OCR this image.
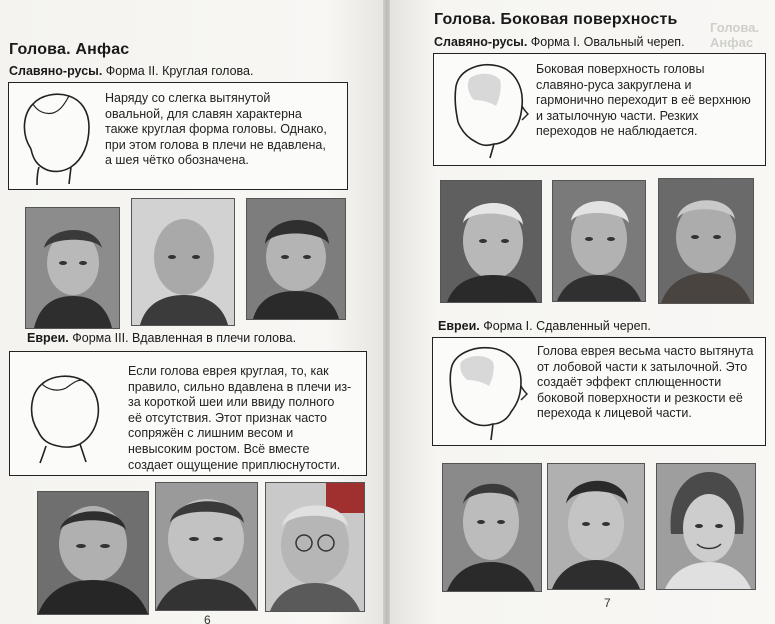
Голова. Анфас
Славяно-русы. Форма II. Круглая голова.
Наряду со слегка вытянутой
овальной, для славян характерна
также круглая форма головы. Однако,
при этом голова в плечи не вдавлена,
а шея чётко обозначена.
Евреи. Форма III. Вдавленная в плечи голова.
Если голова еврея круглая, то, как
правило, сильно вдавлена в плечи из-
за короткой шеи или ввиду полного
её отсутствия. Этот признак часто
сопряжён с лишним весом и
невысоким ростом. Всё вместе
создает ощущение приплюснутости.
6
Голова. Анфас
Голова. Боковая поверхность
Славяно-русы. Форма I. Овальный череп.
Боковая поверхность головы
славяно-руса закруглена и
гармонично переходит в её верхнюю
и затылочную части. Резких
переходов не наблюдается.
Евреи. Форма I. Сдавленный череп.
Голова еврея весьма часто вытянута
от лобовой части к затылочной. Это
создаёт эффект сплющенности
боковой поверхности и резкости её
перехода к лицевой части.
7
